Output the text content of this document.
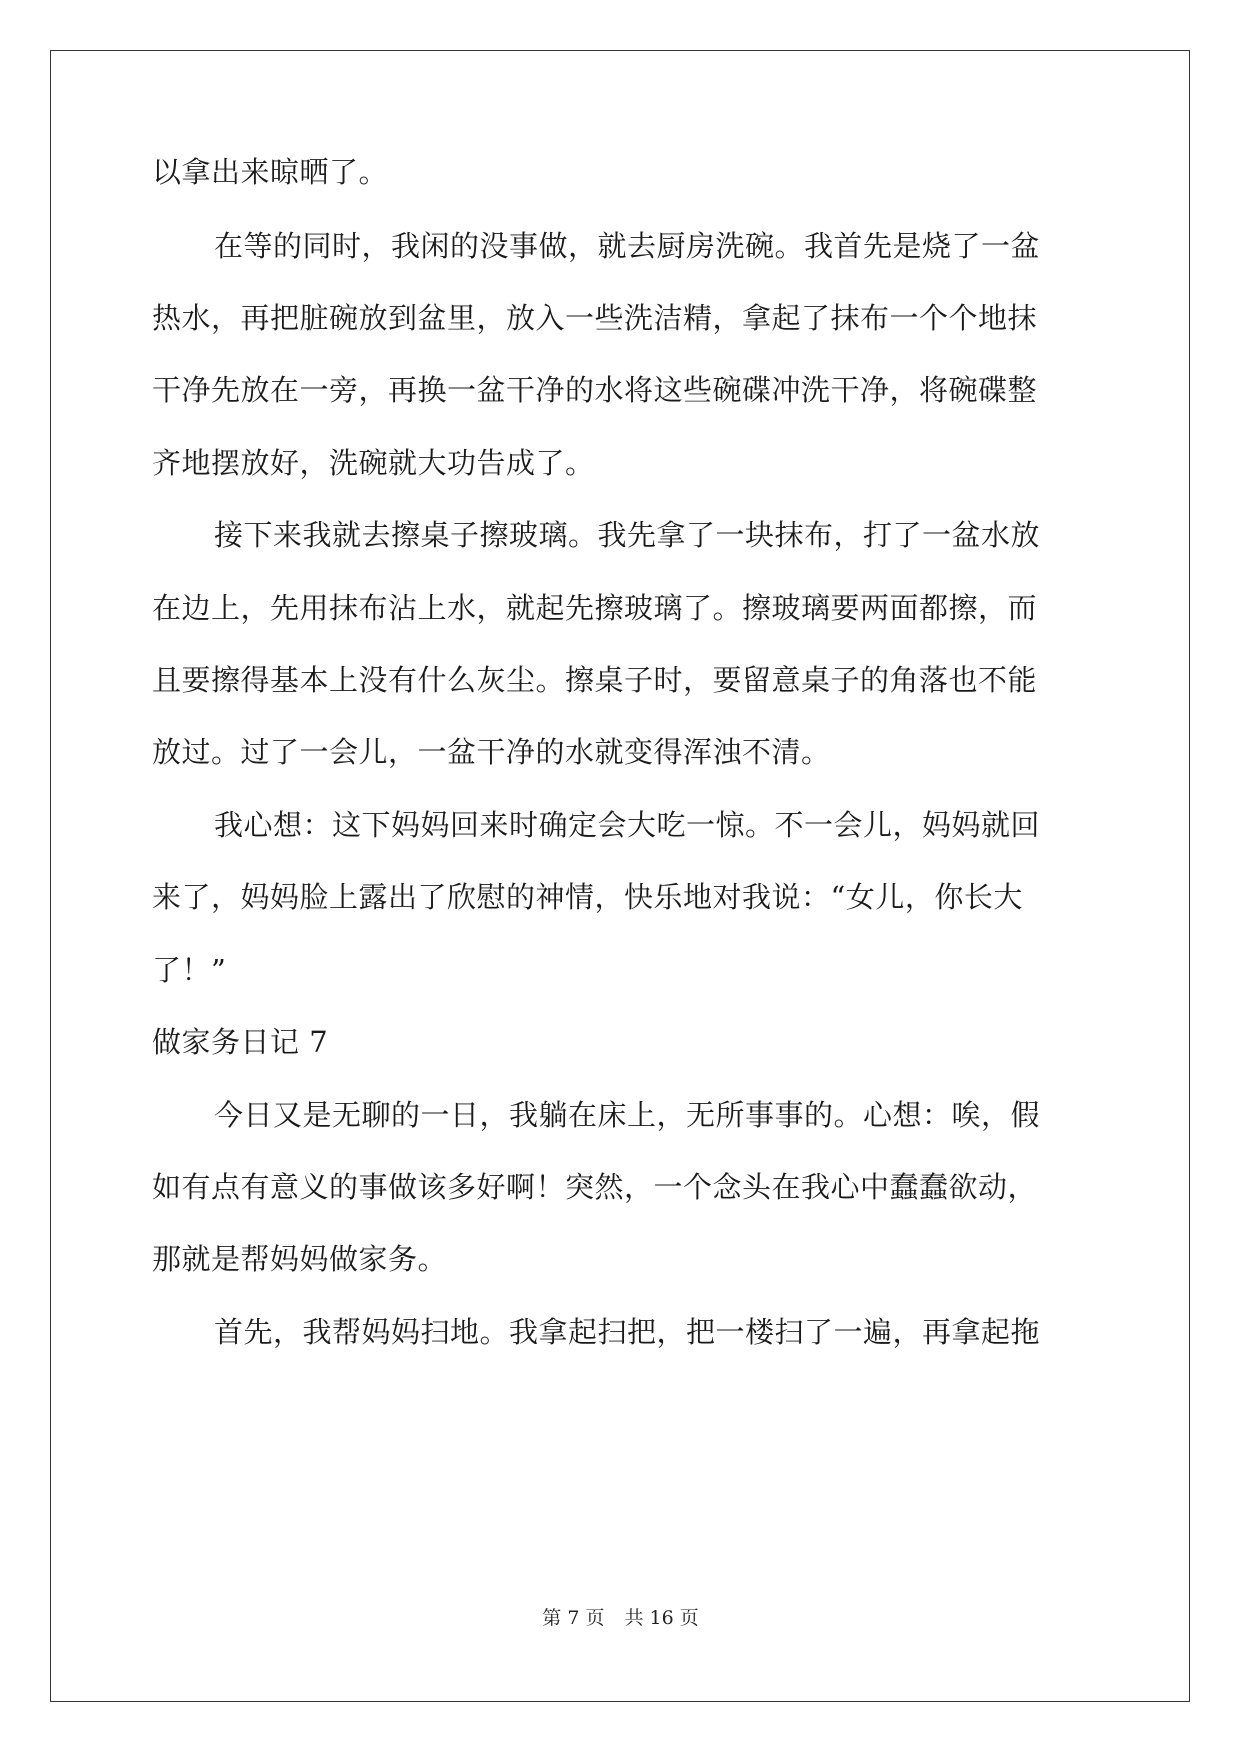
以拿出来晾晒了。
在等的同时，我闲的没事做，就去厨房洗碗。我首先是烧了一盆
热水，再把脏碗放到盆里，放入一些洗洁精，拿起了抹布一个个地抹
干净先放在一旁，再换一盆干净的水将这些碗碟冲洗干净，将碗碟整
齐地摆放好，洗碗就大功告成了。
接下来我就去擦桌子擦玻璃。我先拿了一块抹布，打了一盆水放
在边上，先用抹布沾上水，就起先擦玻璃了。擦玻璃要两面都擦，而
且要擦得基本上没有什么灰尘。擦桌子时，要留意桌子的角落也不能
放过。过了一会儿，一盆干净的水就变得浑浊不清。
我心想：这下妈妈回来时确定会大吃一惊。不一会儿，妈妈就回
来了，妈妈脸上露出了欣慰的神情，快乐地对我说：“女儿，你长大
了！”
做家务日记 7
今日又是无聊的一日，我躺在床上，无所事事的。心想：唉，假
如有点有意义的事做该多好啊！突然，一个念头在我心中蠢蠢欲动，
那就是帮妈妈做家务。
首先，我帮妈妈扫地。我拿起扫把，把一楼扫了一遍，再拿起拖
第 7 页 共 16 页
